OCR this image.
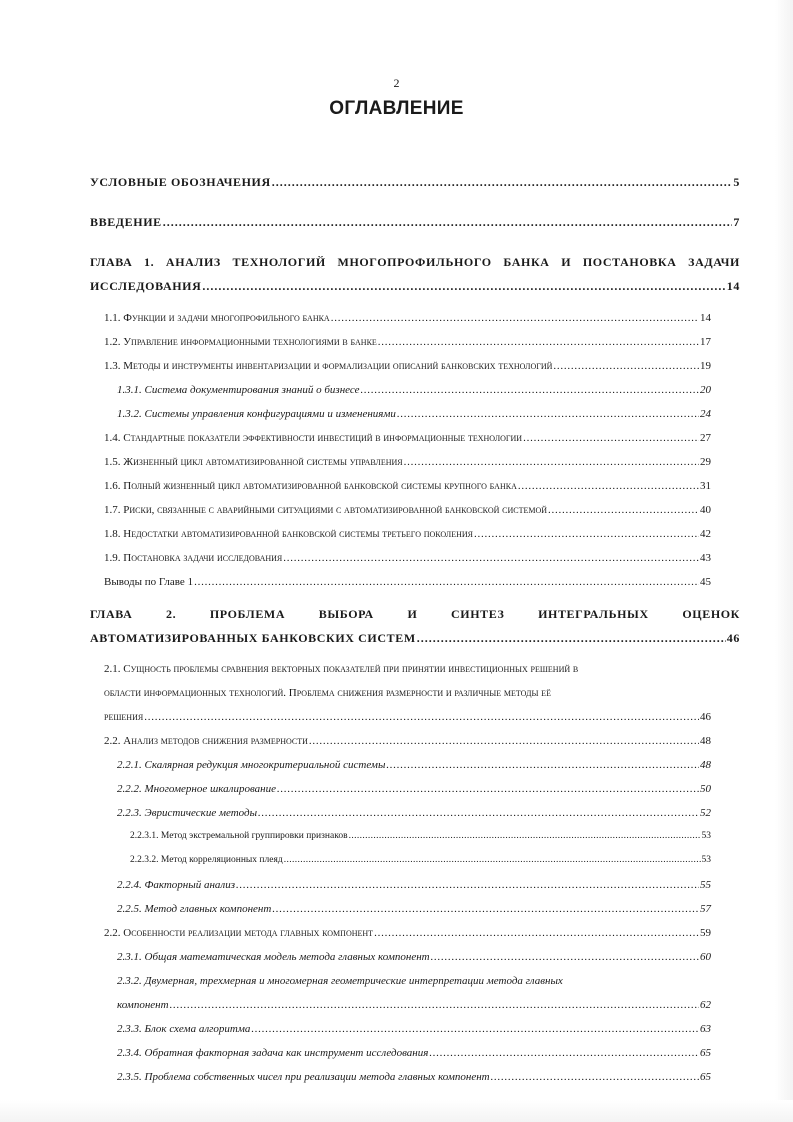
2
ОГЛАВЛЕНИЕ
УСЛОВНЫЕ ОБОЗНАЧЕНИЯ . . .	5
ВВЕДЕНИЕ . . .	7
ГЛАВА 1. АНАЛИЗ ТЕХНОЛОГИЙ МНОГОПРОФИЛЬНОГО БАНКА И ПОСТАНОВКА ЗАДАЧИ
ИССЛЕДОВАНИЯ . . .	14
1.1. Функции и задачи многопрофильного банка . . .	14
1.2. Управление информационными технологиями в банке . . .	17
1.3. Методы и инструменты инвентаризации и формализации описаний банковских технологий . . .	19
1.3.1. Система документирования знаний о бизнесе . . .	20
1.3.2. Системы управления конфигурациями и изменениями . . .	24
1.4. Стандартные показатели эффективности инвестиций в информационные технологии . . .	27
1.5. Жизненный цикл автоматизированной системы управления . . .	29
1.6. Полный жизненный цикл автоматизированной банковской системы крупного банка . . .	31
1.7. Риски, связанные с аварийными ситуациями с автоматизированной банковской системой . . .	40
1.8. Недостатки автоматизированной банковской системы третьего поколения . . .	42
1.9. Постановка задачи исследования . . .	43
Выводы по Главе 1 . . .	45
ГЛАВА 2. ПРОБЛЕМА ВЫБОРА И СИНТЕЗ ИНТЕГРАЛЬНЫХ ОЦЕНОК
АВТОМАТИЗИРОВАННЫХ БАНКОВСКИХ СИСТЕМ . . .	46
2.1. Сущность проблемы сравнения векторных показателей при принятии инвестиционных решений в
области информационных технологий. Проблема снижения размерности и различные методы её
решения . . .	46
2.2. Анализ методов снижения размерности . . .	48
2.2.1. Скалярная редукция многокритериальной системы . . .	48
2.2.2. Многомерное шкалирование . . .	50
2.2.3. Эвристические методы . . .	52
2.2.3.1. Метод экстремальной группировки признаков . . .	53
2.2.3.2. Метод корреляционных плеяд . . .	53
2.2.4. Факторный анализ . . .	55
2.2.5. Метод главных компонент . . .	57
2.2. Особенности реализации метода главных компонент . . .	59
2.3.1. Общая математическая модель метода главных компонент . . .	60
2.3.2. Двумерная, трехмерная и многомерная геометрические интерпретации метода главных
компонент . . .	62
2.3.3. Блок схема алгоритма . . .	63
2.3.4. Обратная факторная задача как инструмент исследования . . .	65
2.3.5. Проблема собственных чисел при реализации метода главных компонент . . .	65
